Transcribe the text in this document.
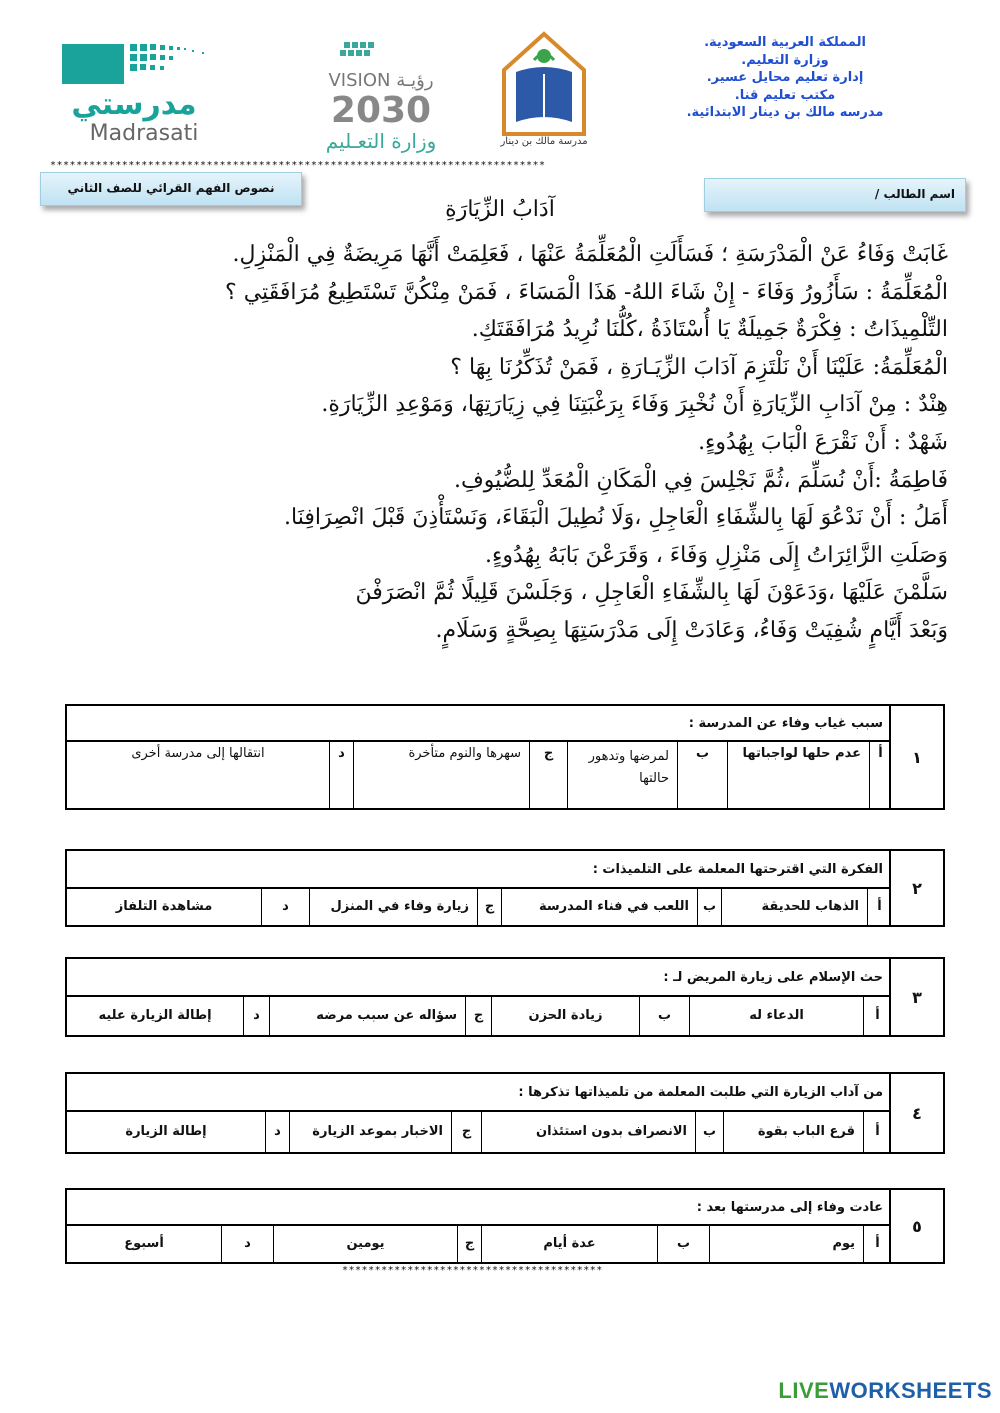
المملكة العربية السعودية.
وزارة التعليم.
إدارة تعليم محايل عسير.
مكتب تعليم قنا.
مدرسه مالك بن دينار الابتدائية.
مدرسة مالك بن دينار
VISION رؤيـة
2030
وزارة التعـليم
مدرستي
Madrasati
****************************************************************************
اسم الطالب /
نصوص الفهم القرائي للصف الثاني
آدَابُ الزِّيَارَةِ
غَابَتْ وَفَاءُ عَنْ الْمَدْرَسَةِ ؛ فَسَأَلَتِ الْمُعَلِّمَةُ عَنْهَا ، فَعَلِمَتْ أَنَّهَا مَرِيضَةٌ فِي الْمَنْزِلِ.
الْمُعَلِّمَةُ : سَأَزُورُ وَفَاءَ - إِنْ شَاءَ اللهُ- هَذَا الْمَسَاءَ ، فَمَنْ مِنْكُنَّ تَسْتَطِيعُ مُرَافَقَتِي ؟
التِّلْمِيذَاتُ : فِكْرَةٌ جَمِيلَةٌ يَا أُسْتَاذَةُ ،كُلُّنَا نُرِيدُ مُرَافَقَتَكِ.
الْمُعَلِّمَةُ: عَلَيْنَا أَنْ نَلْتَزِمَ آدَابَ الزِّيَـارَةِ ، فَمَنْ تُذَكِّرُنَا بِهَا ؟
هِنْدٌ : مِنْ آدَابِ الزِّيَارَةِ أَنْ نُخْبِرَ وَفَاءَ بِرَغْبَتِنَا فِي زِيَارَتِهَا، وَمَوْعِدِ الزِّيَارَةِ.
شَهْدٌ : أَنْ نَقْرَعَ الْبَابَ بِهُدُوءٍ.
فَاطِمَةُ :أَنْ نُسَلِّمَ ،ثُمَّ نَجْلِسَ فِي الْمَكَانِ الْمُعَدِّ لِلضُّيُوفِ.
أَمَلُ : أَنْ نَدْعُوَ لَهَا بِالشِّفَاءِ الْعَاجِلِ ،وَلَا نُطِيلَ الْبَقَاءَ، وَنَسْتَأْذِنَ قَبْلَ انْصِرَافِنَا.
وَصَلَتِ الزَّائِرَاتُ إِلَى مَنْزِلِ وَفَاءَ ، وَقَرَعْنَ بَابَهُ بِهُدُوءٍ.
سَلَّمْنَ عَلَيْهَا ،وَدَعَوْنَ لَهَا بِالشِّفَاءِ الْعَاجِلِ ، وَجَلَسْنَ قَلِيلًا ثُمَّ انْصَرَفْنَ
وَبَعْدَ أَيَّامٍ شُفِيَتْ وَفَاءُ، وَعَادَتْ إِلَى مَدْرَسَتِهَا بِصِحَّةٍ وَسَلَامٍ.
١
سبب غياب وفاء عن المدرسة :
أ
عدم حلها لواجباتها
ب
لمرضها وتدهور حالتها
ج
سهرها والنوم متأخرة
د
انتقالها إلى مدرسة أخرى
٢
الفكرة التي اقترحتها المعلمة على التلميذات :
أ
الذهاب للحديقة
ب
اللعب في فناء المدرسة
ج
زيارة وفاء في المنزل
د
مشاهدة التلفاز
٣
حث الإسلام على زيارة المريض لـ :
أ
الدعاء له
ب
زيادة الحزن
ج
سؤاله عن سبب مرضه
د
إطالة الزيارة عليه
٤
من آداب الزيارة التي طلبت المعلمة من تلميذاتها تذكرها :
أ
قرع الباب بقوة
ب
الانصراف بدون استئذان
ج
الاخبار بموعد الزيارة
د
إطالة الزيارة
٥
عادت وفاء إلى مدرستها بعد :
أ
يوم
ب
عدة أيام
ج
يومين
د
أسبوع
****************************************
LIVEWORKSHEETS
